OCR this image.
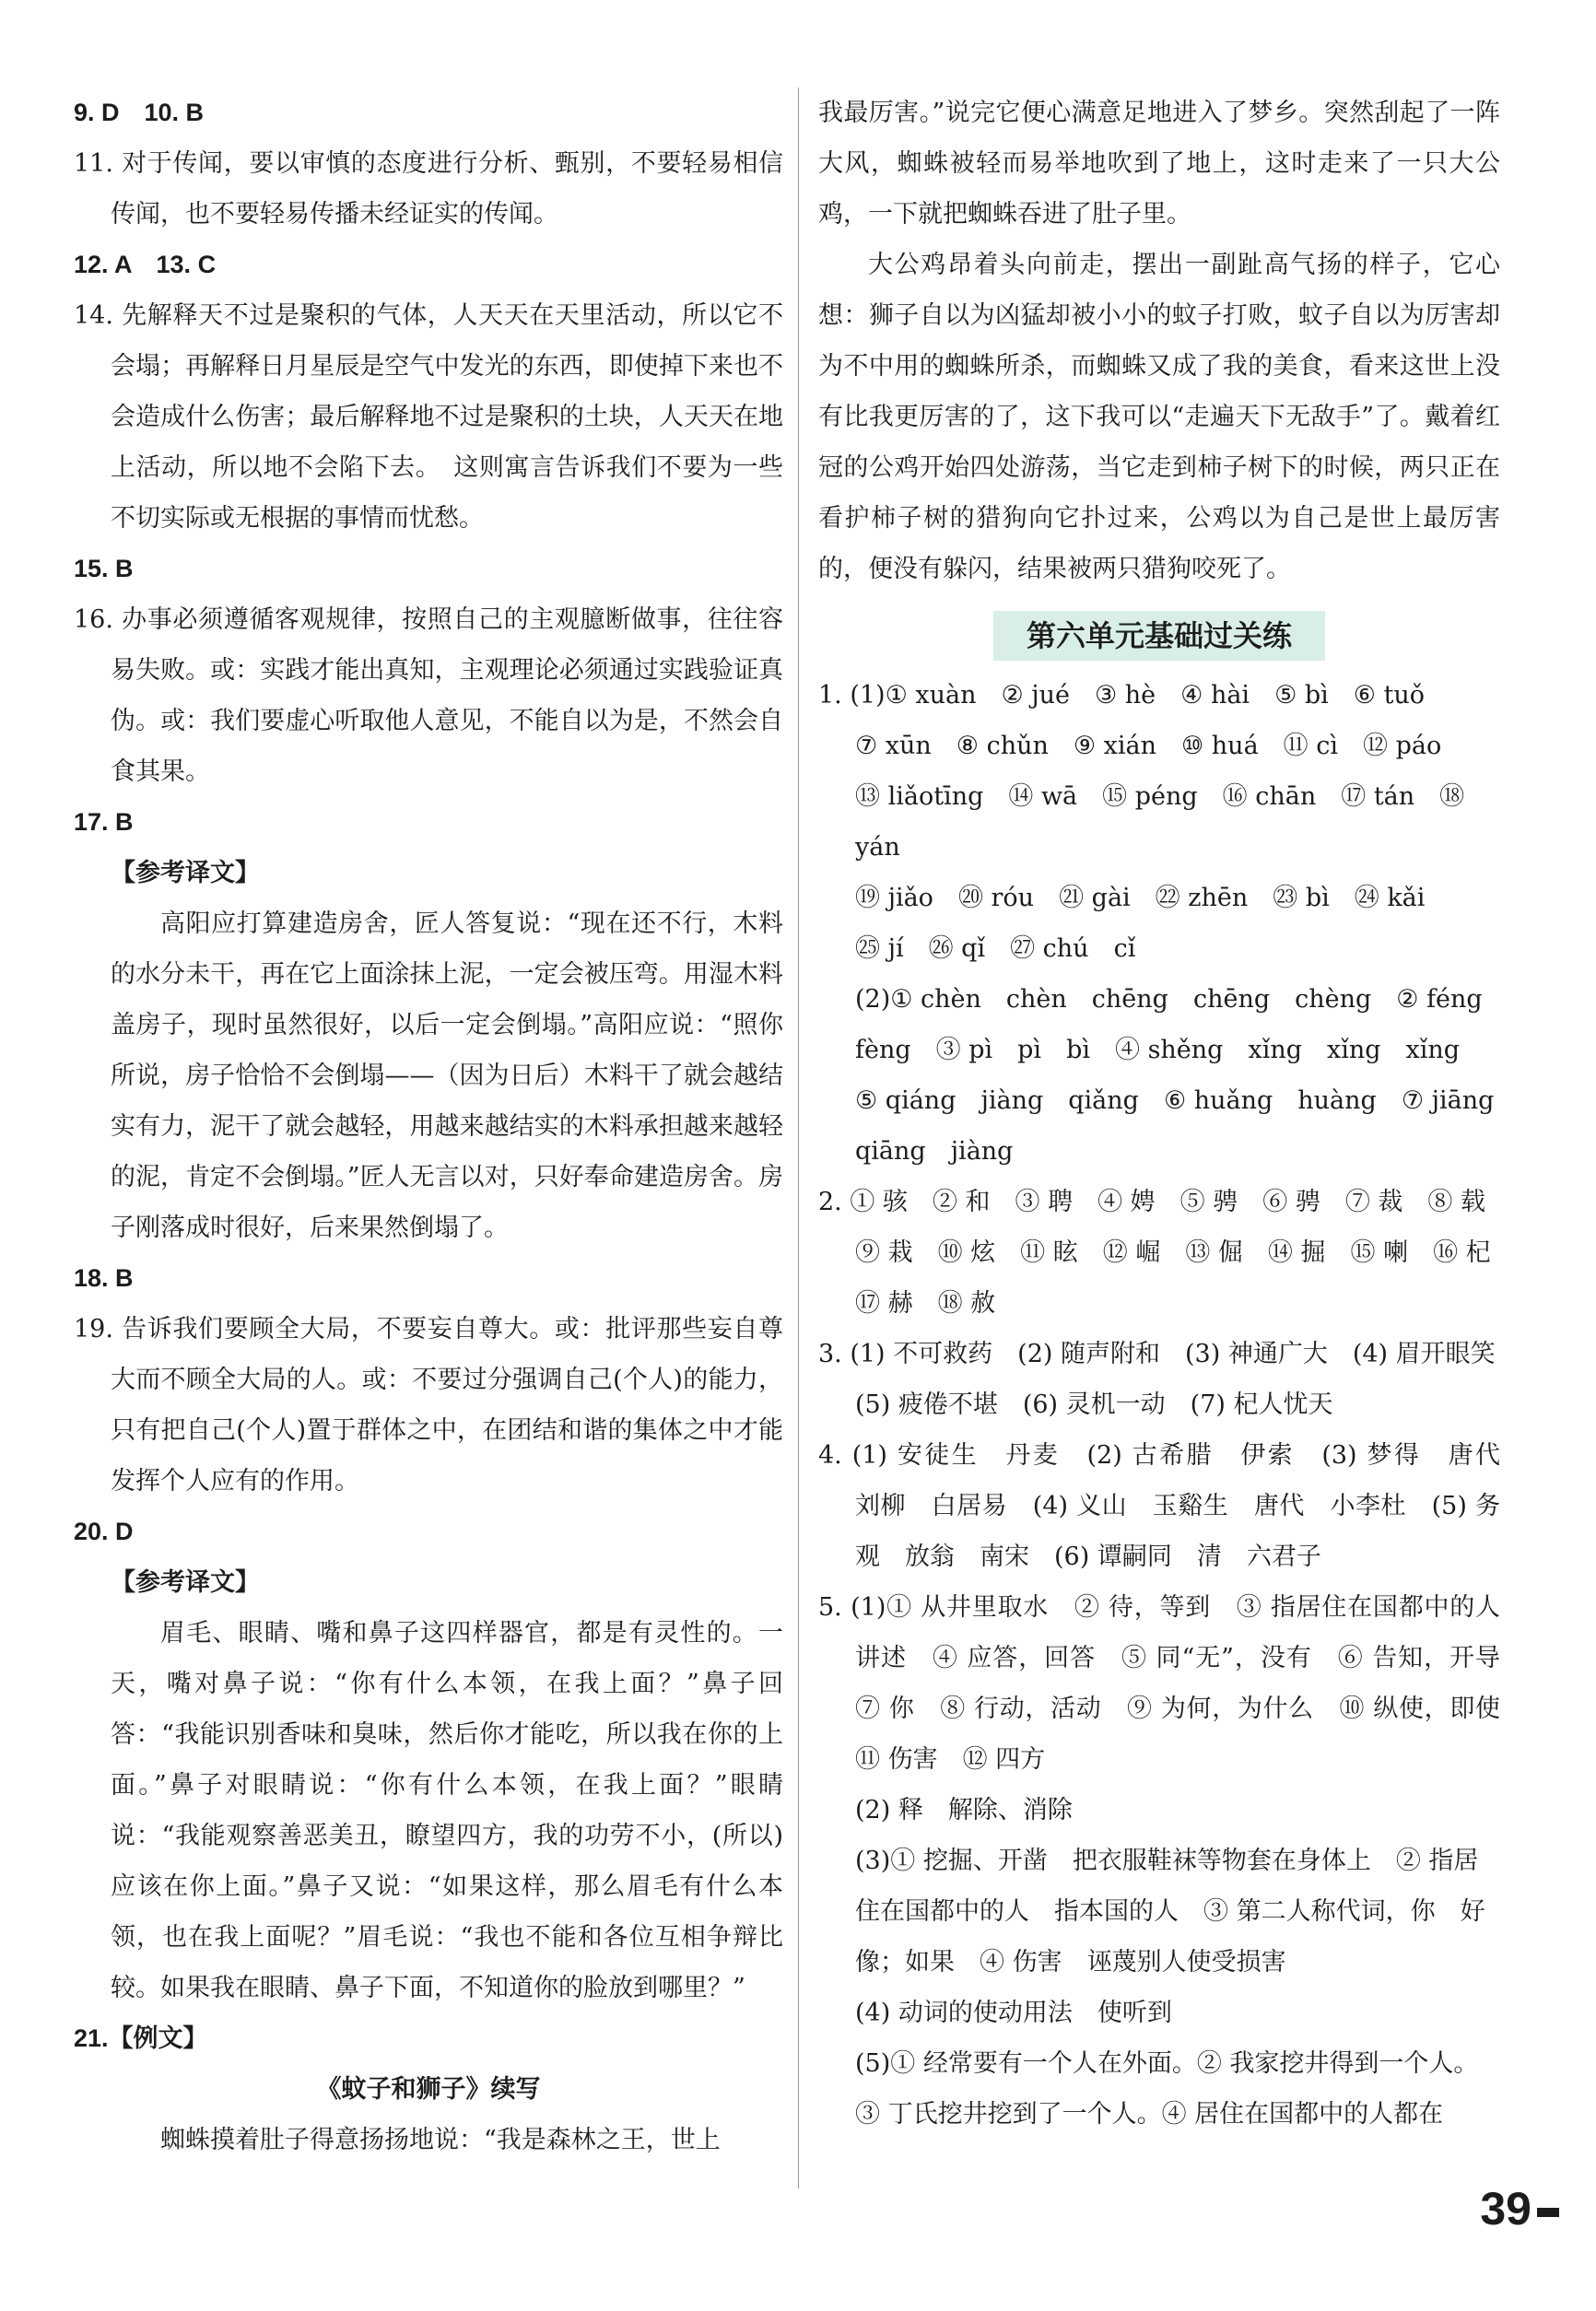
9. D　10. B

11. 对于传闻，要以审慎的态度进行分析、甄别，不要轻易相信传闻，也不要轻易传播未经证实的传闻。

12. A　13. C

14. 先解释天不过是聚积的气体，人天天在天里活动，所以它不会塌；再解释日月星辰是空气中发光的东西，即使掉下来也不会造成什么伤害；最后解释地不过是聚积的土块，人天天在地上活动，所以地不会陷下去。　这则寓言告诉我们不要为一些不切实际或无根据的事情而忧愁。

15. B

16. 办事必须遵循客观规律，按照自己的主观臆断做事，往往容易失败。或：实践才能出真知，主观理论必须通过实践验证真伪。或：我们要虚心听取他人意见，不能自以为是，不然会自食其果。

17. B

【参考译文】

高阳应打算建造房舍，匠人答复说：“现在还不行，木料的水分未干，再在它上面涂抹上泥，一定会被压弯。用湿木料盖房子，现时虽然很好，以后一定会倒塌。”高阳应说：“照你所说，房子恰恰不会倒塌——（因为日后）木料干了就会越结实有力，泥干了就会越轻，用越来越结实的木料承担越来越轻的泥，肯定不会倒塌。”匠人无言以对，只好奉命建造房舍。房子刚落成时很好，后来果然倒塌了。

18. B

19. 告诉我们要顾全大局，不要妄自尊大。或：批评那些妄自尊大而不顾全大局的人。或：不要过分强调自己(个人)的能力，只有把自己(个人)置于群体之中，在团结和谐的集体之中才能发挥个人应有的作用。

20. D

【参考译文】

眉毛、眼睛、嘴和鼻子这四样器官，都是有灵性的。一天，嘴对鼻子说：“你有什么本领，在我上面？”鼻子回答：“我能识别香味和臭味，然后你才能吃，所以我在你的上面。”鼻子对眼睛说：“你有什么本领，在我上面？”眼睛说：“我能观察善恶美丑，瞭望四方，我的功劳不小，(所以)应该在你上面。”鼻子又说：“如果这样，那么眉毛有什么本领，也在我上面呢？”眉毛说：“我也不能和各位互相争辩比较。如果我在眼睛、鼻子下面，不知道你的脸放到哪里？”

21.【例文】

《蚊子和狮子》续写

蜘蛛摸着肚子得意扬扬地说：“我是森林之王，世上

我最厉害。”说完它便心满意足地进入了梦乡。突然刮起了一阵大风，蜘蛛被轻而易举地吹到了地上，这时走来了一只大公鸡，一下就把蜘蛛吞进了肚子里。

大公鸡昂着头向前走，摆出一副趾高气扬的样子，它心想：狮子自以为凶猛却被小小的蚊子打败，蚊子自以为厉害却为不中用的蜘蛛所杀，而蜘蛛又成了我的美食，看来这世上没有比我更厉害的了，这下我可以“走遍天下无敌手”了。戴着红冠的公鸡开始四处游荡，当它走到柿子树下的时候，两只正在看护柿子树的猎狗向它扑过来，公鸡以为自己是世上最厉害的，便没有躲闪，结果被两只猎狗咬死了。

第六单元基础过关练

1. (1)① xuàn　② jué　③ hè　④ hài　⑤ bì　⑥ tuǒ

⑦ xūn　⑧ chǔn　⑨ xián　⑩ huá　⑪ cì　⑫ páo

⑬ liǎotīng　⑭ wā　⑮ péng　⑯ chān　⑰ tán　⑱ yán

⑲ jiǎo　⑳ róu　㉑ gài　㉒ zhēn　㉓ bì　㉔ kǎi

㉕ jí　㉖ qǐ　㉗ chú　cǐ

(2)① chèn　chèn　chēng　chēng　chèng　② féng

fèng　③ pì　pì　bì　④ shěng　xǐng　xǐng　xǐng

⑤ qiáng　jiàng　qiǎng　⑥ huǎng　huàng　⑦ jiāng

qiāng　jiàng

2. ① 骇　② 和　③ 聘　④ 娉　⑤ 骋　⑥ 骋　⑦ 裁　⑧ 载

⑨ 栽　⑩ 炫　⑪ 眩　⑫ 崛　⑬ 倔　⑭ 掘　⑮ 喇　⑯ 杞

⑰ 赫　⑱ 赦

3. (1) 不可救药　(2) 随声附和　(3) 神通广大　(4) 眉开眼笑

(5) 疲倦不堪　(6) 灵机一动　(7) 杞人忧天

4. (1) 安徒生　丹麦　(2) 古希腊　伊索　(3) 梦得　唐代　刘柳　白居易　(4) 义山　玉谿生　唐代　小李杜　(5) 务观　放翁　南宋　(6) 谭嗣同　清　六君子

5. (1)① 从井里取水　② 待，等到　③ 指居住在国都中的人　讲述　④ 应答，回答　⑤ 同“无”，没有　⑥ 告知，开导　⑦ 你　⑧ 行动，活动　⑨ 为何，为什么　⑩ 纵使，即使　⑪ 伤害　⑫ 四方

(2) 释　解除、消除

(3)① 挖掘、开凿　把衣服鞋袜等物套在身体上　② 指居住在国都中的人　指本国的人　③ 第二人称代词，你　好像；如果　④ 伤害　诬蔑别人使受损害

(4) 动词的使动用法　使听到

(5)① 经常要有一个人在外面。② 我家挖井得到一个人。③ 丁氏挖井挖到了一个人。④ 居住在国都中的人都在

39
